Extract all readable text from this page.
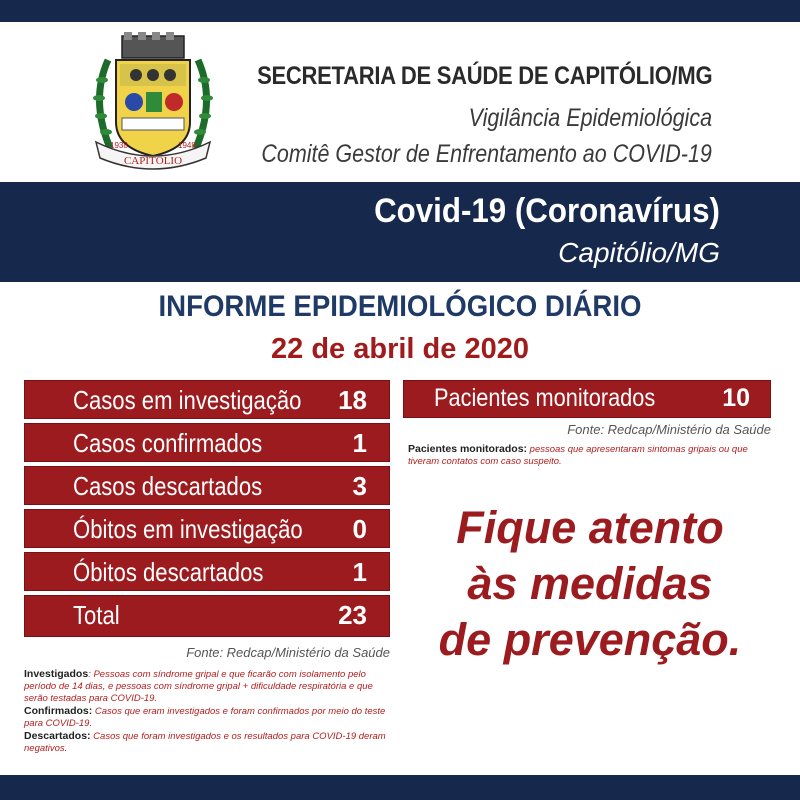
1938	1948
CAPITÓLIO
SECRETARIA DE SAÚDE DE CAPITÓLIO/MG
Vigilância Epidemiológica
Comitê Gestor de Enfrentamento ao COVID-19
Covid-19 (Coronavírus)
Capitólio/MG
INFORME EPIDEMIOLÓGICO DIÁRIO
22 de abril de 2020
Casos em investigação 18
Casos confirmados	1
Casos descartados	3
Óbitos em investigação 0
Óbitos descartados	1
Total	23
Fonte: Redcap/Ministério da Saúde
Investigados: Pessoas com síndrome gripal e que ficarão com isolamento pelo período de 14 dias, e pessoas com síndrome gripal + dificuldade respiratória e que serão testadas para COVID-19.
Confirmados: Casos que eram investigados e foram confirmados por meio do teste para COVID-19.
Descartados: Casos que foram investigados e os resultados para COVID-19 deram negativos.
Pacientes monitorados	10
Fonte: Redcap/Ministério da Saúde
Pacientes monitorados: pessoas que apresentaram sintomas gripais ou que tiveram contatos com caso suspeito.
Fique atento
às medidas
de prevenção.
